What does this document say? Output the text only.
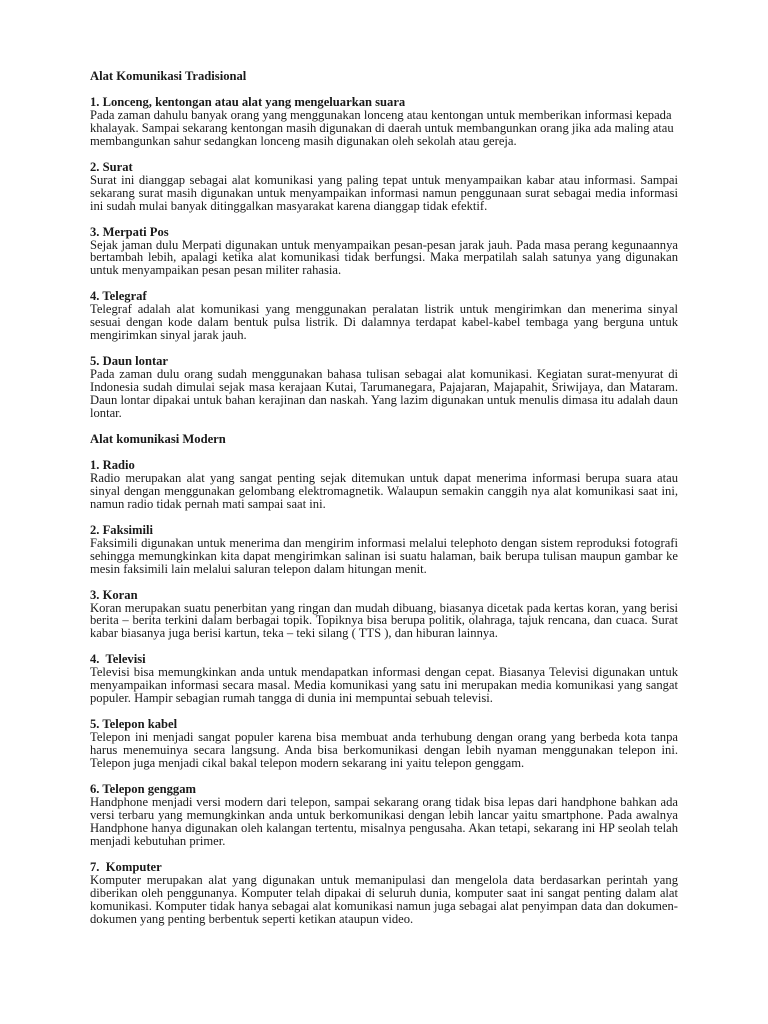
Alat Komunikasi Tradisional
1. Lonceng, kentongan atau alat yang mengeluarkan suara
Pada zaman dahulu banyak orang yang menggunakan lonceng atau kentongan untuk memberikan informasi kepada khalayak. Sampai sekarang kentongan masih digunakan di daerah untuk membangunkan orang jika ada maling atau membangunkan sahur sedangkan lonceng masih digunakan oleh sekolah atau gereja.
2. Surat
Surat ini dianggap sebagai alat komunikasi yang paling tepat untuk menyampaikan kabar atau informasi. Sampai sekarang surat masih digunakan untuk menyampaikan informasi namun penggunaan surat sebagai media informasi ini sudah mulai banyak ditinggalkan masyarakat karena dianggap tidak efektif.
3. Merpati Pos
Sejak jaman dulu Merpati digunakan untuk menyampaikan pesan-pesan jarak jauh. Pada masa perang kegunaannya bertambah lebih, apalagi ketika alat komunikasi tidak berfungsi. Maka merpatilah salah satunya yang digunakan untuk menyampaikan pesan pesan militer rahasia.
4. Telegraf
Telegraf adalah alat komunikasi yang menggunakan peralatan listrik untuk mengirimkan dan menerima sinyal sesuai dengan kode dalam bentuk pulsa listrik. Di dalamnya terdapat kabel-kabel tembaga yang berguna untuk mengirimkan sinyal jarak jauh.
5. Daun lontar
Pada zaman dulu orang sudah menggunakan bahasa tulisan sebagai alat komunikasi. Kegiatan surat-menyurat di Indonesia sudah dimulai sejak masa kerajaan Kutai, Tarumanegara, Pajajaran, Majapahit, Sriwijaya, dan Mataram. Daun lontar dipakai untuk bahan kerajinan dan naskah. Yang lazim digunakan untuk menulis dimasa itu adalah daun lontar.
Alat komunikasi Modern
1. Radio
Radio merupakan alat yang sangat penting sejak ditemukan untuk dapat menerima informasi berupa suara atau sinyal dengan menggunakan gelombang elektromagnetik. Walaupun semakin canggih nya alat komunikasi saat ini, namun radio tidak pernah mati sampai saat ini.
2. Faksimili
Faksimili digunakan untuk menerima dan mengirim informasi melalui telephoto dengan sistem reproduksi fotografi sehingga memungkinkan kita dapat mengirimkan salinan isi suatu halaman, baik berupa tulisan maupun gambar ke mesin faksimili lain melalui saluran telepon dalam hitungan menit.
3. Koran
Koran merupakan suatu penerbitan yang ringan dan mudah dibuang, biasanya dicetak pada kertas koran, yang berisi berita – berita terkini dalam berbagai topik. Topiknya bisa berupa politik, olahraga, tajuk rencana, dan cuaca. Surat kabar biasanya juga berisi kartun, teka – teki silang ( TTS ), dan hiburan lainnya.
4.  Televisi
Televisi bisa memungkinkan anda untuk mendapatkan informasi dengan cepat. Biasanya Televisi digunakan untuk menyampaikan informasi secara masal. Media komunikasi yang satu ini merupakan media komunikasi yang sangat populer. Hampir sebagian rumah tangga di dunia ini mempuntai sebuah televisi.
5. Telepon kabel
Telepon ini menjadi sangat populer karena bisa membuat anda terhubung dengan orang yang berbeda kota tanpa harus menemuinya secara langsung. Anda bisa berkomunikasi dengan lebih nyaman menggunakan telepon ini. Telepon juga menjadi cikal bakal telepon modern sekarang ini yaitu telepon genggam.
6. Telepon genggam
Handphone menjadi versi modern dari telepon, sampai sekarang orang tidak bisa lepas dari handphone bahkan ada versi terbaru yang memungkinkan anda untuk berkomunikasi dengan lebih lancar yaitu smartphone. Pada awalnya Handphone hanya digunakan oleh kalangan tertentu, misalnya pengusaha. Akan tetapi, sekarang ini HP seolah telah menjadi kebutuhan primer.
7.  Komputer
Komputer merupakan alat yang digunakan untuk memanipulasi dan mengelola data berdasarkan perintah yang diberikan oleh penggunanya. Komputer telah dipakai di seluruh dunia, komputer saat ini sangat penting dalam alat komunikasi. Komputer tidak hanya sebagai alat komunikasi namun juga sebagai alat penyimpan data dan dokumen-dokumen yang penting berbentuk seperti ketikan ataupun video.
